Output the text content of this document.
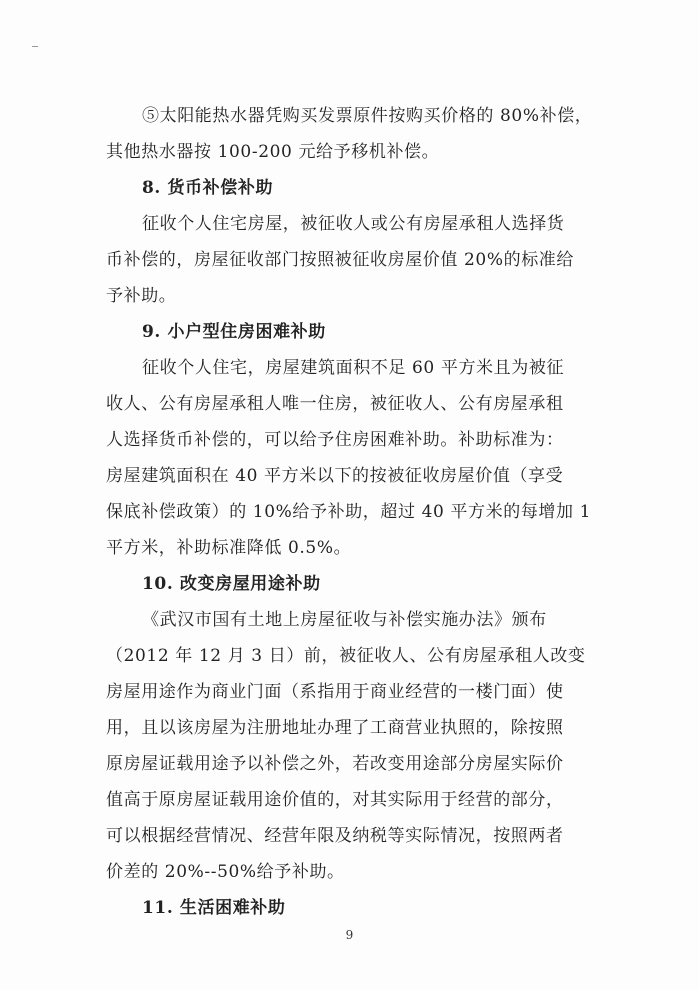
⑤太阳能热水器凭购买发票原件按购买价格的 80%补偿，
其他热水器按 100-200 元给予移机补偿。
8. 货币补偿补助
征收个人住宅房屋，被征收人或公有房屋承租人选择货
币补偿的，房屋征收部门按照被征收房屋价值 20%的标准给
予补助。
9. 小户型住房困难补助
征收个人住宅，房屋建筑面积不足 60 平方米且为被征
收人、公有房屋承租人唯一住房，被征收人、公有房屋承租
人选择货币补偿的，可以给予住房困难补助。补助标准为：
房屋建筑面积在 40 平方米以下的按被征收房屋价值（享受
保底补偿政策）的 10%给予补助，超过 40 平方米的每增加 1
平方米，补助标准降低 0.5%。
10. 改变房屋用途补助
《武汉市国有土地上房屋征收与补偿实施办法》颁布
（2012 年 12 月 3 日）前，被征收人、公有房屋承租人改变
房屋用途作为商业门面（系指用于商业经营的一楼门面）使
用，且以该房屋为注册地址办理了工商营业执照的，除按照
原房屋证载用途予以补偿之外，若改变用途部分房屋实际价
值高于原房屋证载用途价值的，对其实际用于经营的部分，
可以根据经营情况、经营年限及纳税等实际情况，按照两者
价差的 20%--50%给予补助。
11. 生活困难补助
9
